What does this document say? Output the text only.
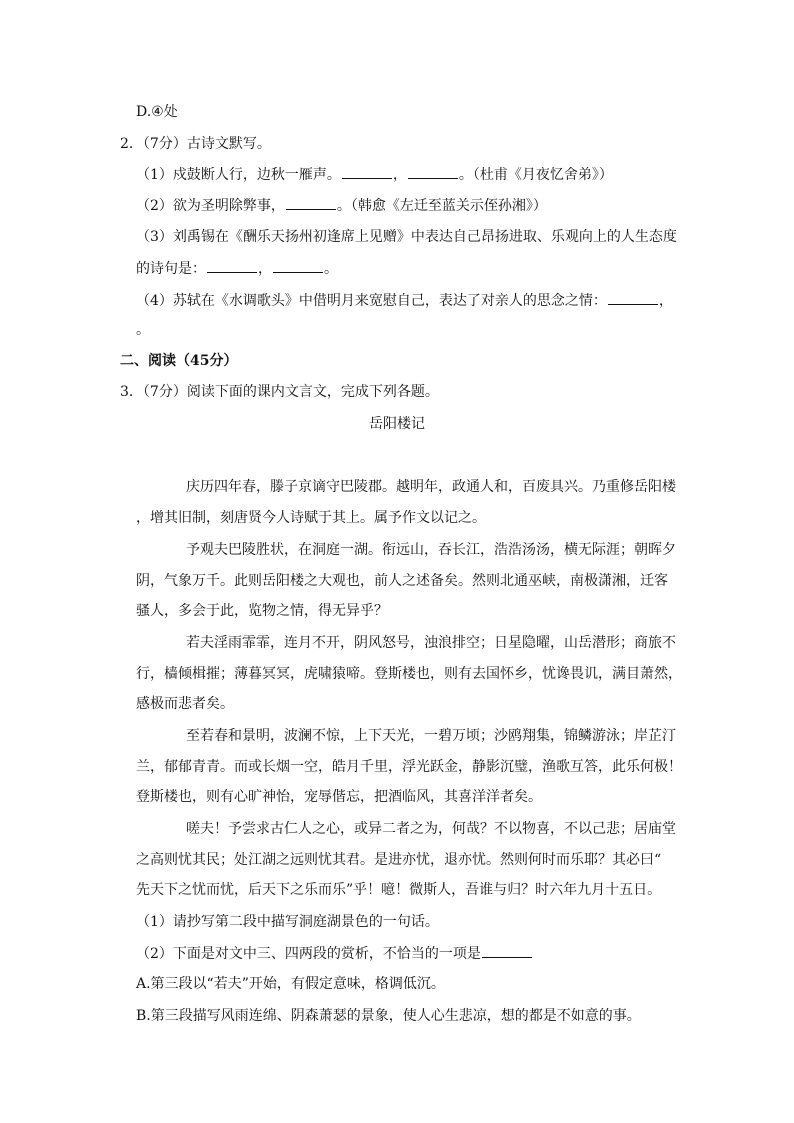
D.④处
2．（7分）古诗文默写。
（1）戍鼓断人行，边秋一雁声。	，	。（杜甫《月夜忆舍弟》）
（2）欲为圣明除弊事，	。（韩愈《左迁至蓝关示侄孙湘》）
（3）刘禹锡在《酬乐天扬州初逢席上见赠》中表达自己昂扬进取、乐观向上的人生态度
的诗句是：	，	。
（4）苏轼在《水调歌头》中借明月来宽慰自己，表达了对亲人的思念之情：	，
。
二、阅读（45分）
3．（7分）阅读下面的课内文言文，完成下列各题。
岳阳楼记
庆历四年春，滕子京谪守巴陵郡。越明年，政通人和，百废具兴。乃重修岳阳楼
，增其旧制，刻唐贤今人诗赋于其上。属予作文以记之。
予观夫巴陵胜状，在洞庭一湖。衔远山，吞长江，浩浩汤汤，横无际涯；朝晖夕
阴，气象万千。此则岳阳楼之大观也，前人之述备矣。然则北通巫峡，南极潇湘，迁客
骚人，多会于此，览物之情，得无异乎？
若夫淫雨霏霏，连月不开，阴风怒号，浊浪排空；日星隐曜，山岳潜形；商旅不
行，樯倾楫摧；薄暮冥冥，虎啸猿啼。登斯楼也，则有去国怀乡，忧谗畏讥，满目萧然，
感极而悲者矣。
至若春和景明，波澜不惊，上下天光，一碧万顷；沙鸥翔集，锦鳞游泳；岸芷汀
兰，郁郁青青。而或长烟一空，皓月千里，浮光跃金，静影沉璧，渔歌互答，此乐何极！
登斯楼也，则有心旷神怡，宠辱偕忘，把酒临风，其喜洋洋者矣。
嗟夫！予尝求古仁人之心，或异二者之为，何哉？不以物喜，不以己悲；居庙堂
之高则忧其民；处江湖之远则忧其君。是进亦忧，退亦忧。然则何时而乐耶？其必曰“
先天下之忧而忧，后天下之乐而乐”乎！噫！微斯人，吾谁与归？时六年九月十五日。
（1）请抄写第二段中描写洞庭湖景色的一句话。
（2）下面是对文中三、四两段的赏析，不恰当的一项是
A.第三段以“若夫”开始，有假定意味，格调低沉。
B.第三段描写风雨连绵、阴森萧瑟的景象，使人心生悲凉，想的都是不如意的事。
